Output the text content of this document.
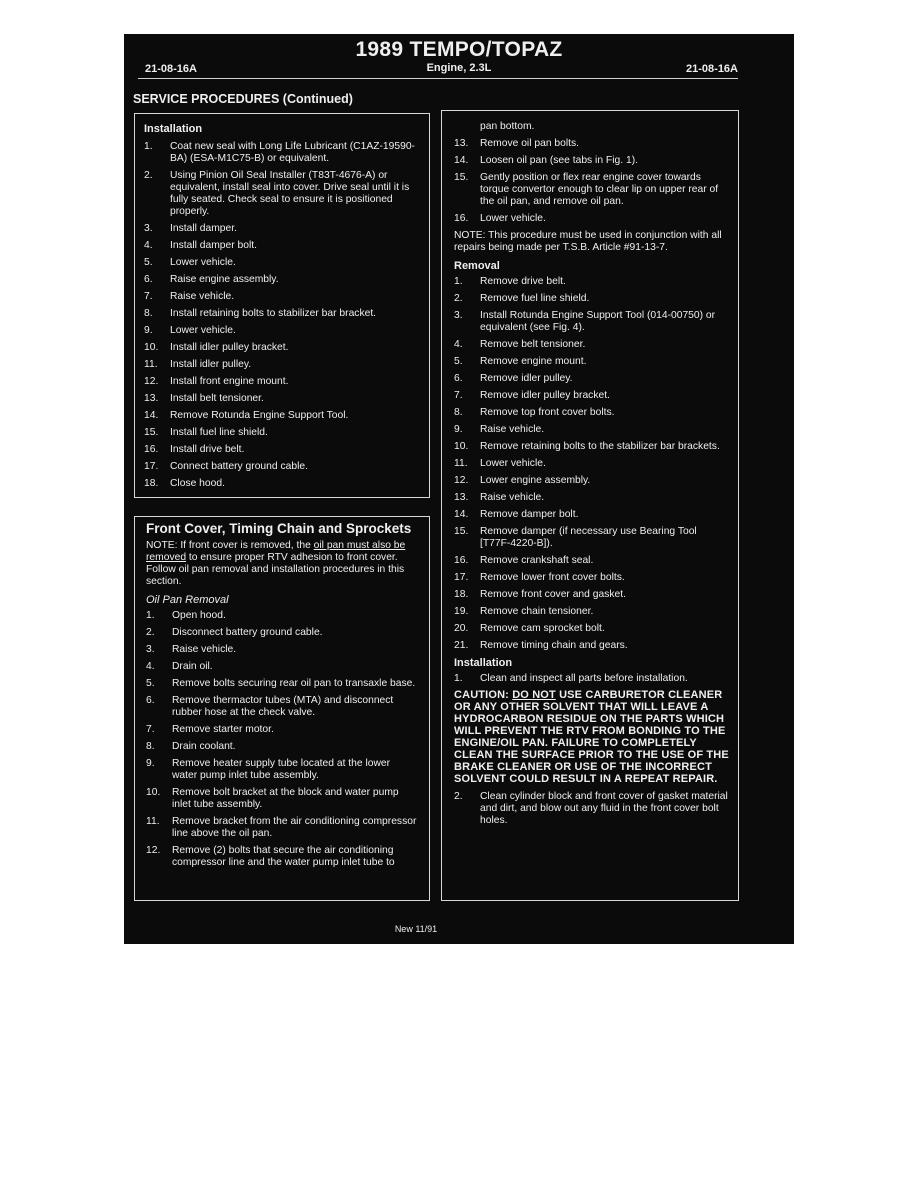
1989 TEMPO/TOPAZ
Engine, 2.3L
21-08-16A	21-08-16A
SERVICE PROCEDURES (Continued)
Installation
1.	Coat new seal with Long Life Lubricant (C1AZ-19590-BA) (ESA-M1C75-B) or equivalent.
2.	Using Pinion Oil Seal Installer (T83T-4676-A) or equivalent, install seal into cover. Drive seal until it is fully seated. Check seal to ensure it is positioned properly.
3.	Install damper.
4.	Install damper bolt.
5.	Lower vehicle.
6.	Raise engine assembly.
7.	Raise vehicle.
8.	Install retaining bolts to stabilizer bar bracket.
9.	Lower vehicle.
10.	Install idler pulley bracket.
11.	Install idler pulley.
12.	Install front engine mount.
13.	Install belt tensioner.
14.	Remove Rotunda Engine Support Tool.
15.	Install fuel line shield.
16.	Install drive belt.
17.	Connect battery ground cable.
18.	Close hood.
Front Cover, Timing Chain and Sprockets
NOTE: If front cover is removed, the oil pan must also be removed to ensure proper RTV adhesion to front cover. Follow oil pan removal and installation procedures in this section.
Oil Pan Removal
1.	Open hood.
2.	Disconnect battery ground cable.
3.	Raise vehicle.
4.	Drain oil.
5.	Remove bolts securing rear oil pan to transaxle base.
6.	Remove thermactor tubes (MTA) and disconnect rubber hose at the check valve.
7.	Remove starter motor.
8.	Drain coolant.
9.	Remove heater supply tube located at the lower water pump inlet tube assembly.
10.	Remove bolt bracket at the block and water pump inlet tube assembly.
11.	Remove bracket from the air conditioning compressor line above the oil pan.
12.	Remove (2) bolts that secure the air conditioning compressor line and the water pump inlet tube to
pan bottom.
13.	Remove oil pan bolts.
14.	Loosen oil pan (see tabs in Fig. 1).
15.	Gently position or flex rear engine cover towards torque convertor enough to clear lip on upper rear of the oil pan, and remove oil pan.
16.	Lower vehicle.
NOTE: This procedure must be used in conjunction with all repairs being made per T.S.B. Article #91-13-7.
Removal
1.	Remove drive belt.
2.	Remove fuel line shield.
3.	Install Rotunda Engine Support Tool (014-00750) or equivalent (see Fig. 4).
4.	Remove belt tensioner.
5.	Remove engine mount.
6.	Remove idler pulley.
7.	Remove idler pulley bracket.
8.	Remove top front cover bolts.
9.	Raise vehicle.
10.	Remove retaining bolts to the stabilizer bar brackets.
11.	Lower vehicle.
12.	Lower engine assembly.
13.	Raise vehicle.
14.	Remove damper bolt.
15.	Remove damper (if necessary use Bearing Tool [T77F-4220-B]).
16.	Remove crankshaft seal.
17.	Remove lower front cover bolts.
18.	Remove front cover and gasket.
19.	Remove chain tensioner.
20.	Remove cam sprocket bolt.
21.	Remove timing chain and gears.
Installation
1.	Clean and inspect all parts before installation.
CAUTION: DO NOT USE CARBURETOR CLEANER OR ANY OTHER SOLVENT THAT WILL LEAVE A HYDROCARBON RESIDUE ON THE PARTS WHICH WILL PREVENT THE RTV FROM BONDING TO THE ENGINE/OIL PAN. FAILURE TO COMPLETELY CLEAN THE SURFACE PRIOR TO THE USE OF THE BRAKE CLEANER OR USE OF THE INCORRECT SOLVENT COULD RESULT IN A REPEAT REPAIR.
2.	Clean cylinder block and front cover of gasket material and dirt, and blow out any fluid in the front cover bolt holes.
New 11/91
